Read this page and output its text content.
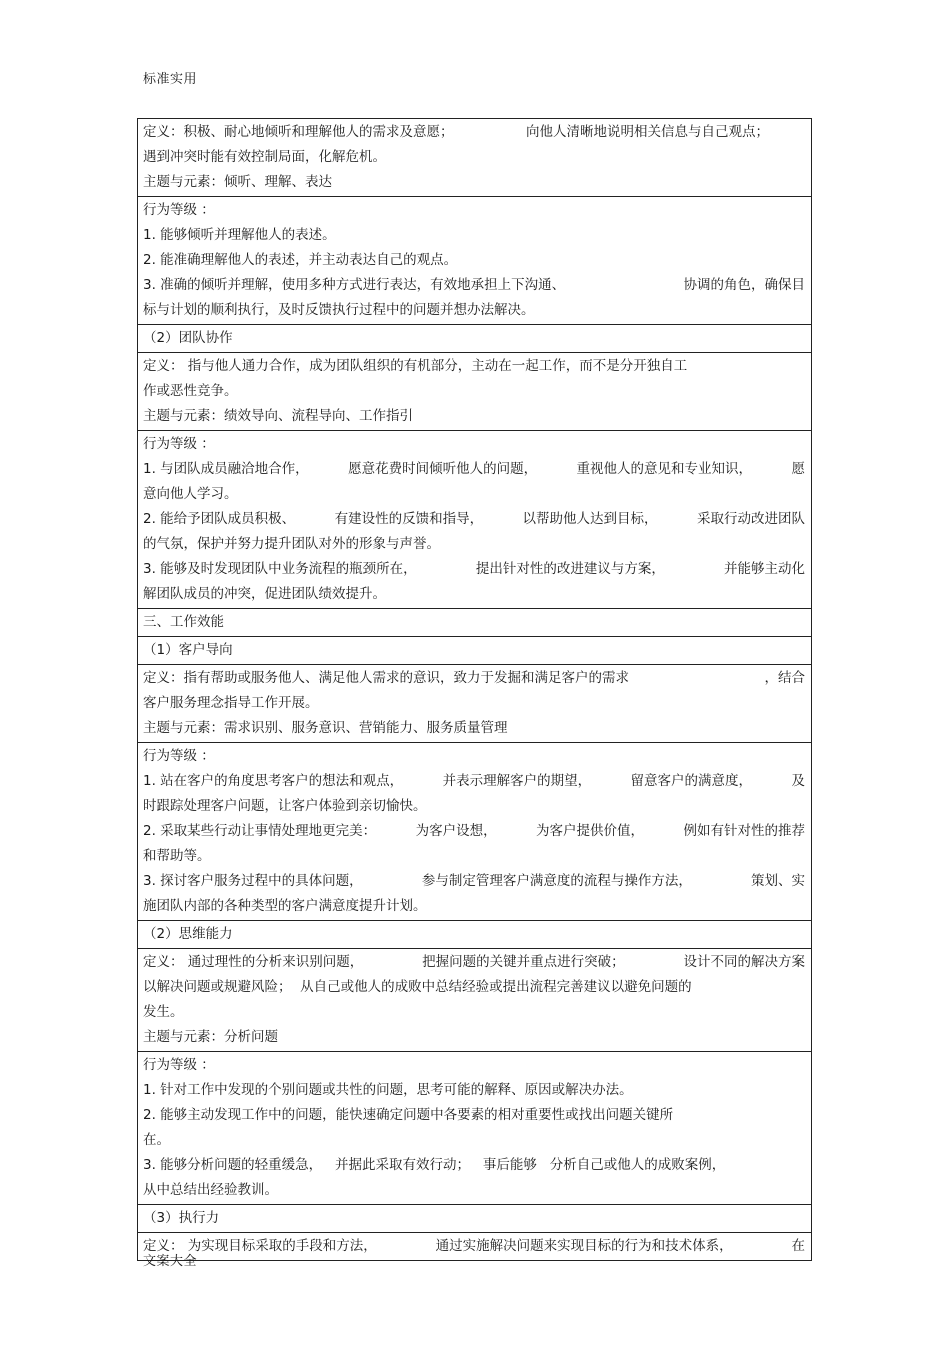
标准实用
定义：积极、耐心地倾听和理解他人的需求及意愿；	向他人清晰地说明相关信息与自己观点；
遇到冲突时能有效控制局面，化解危机。
主题与元素：倾听、理解、表达

行为等级 ：
1. 能够倾听并理解他人的表述。
2. 能准确理解他人的表述，并主动表达自己的观点。
3. 准确的倾听并理解，使用多种方式进行表达，有效地承担上下沟通、	协调的角色，确保目
标与计划的顺利执行，及时反馈执行过程中的问题并想办法解决。

（2）团队协作

定义： 指与他人通力合作，成为团队组织的有机部分，主动在一起工作，而不是分开独自工
作或恶性竞争。
主题与元素：绩效导向、流程导向、工作指引

行为等级 ：
1. 与团队成员融洽地合作，	愿意花费时间倾听他人的问题，	重视他人的意见和专业知识，	愿
意向他人学习。
2. 能给予团队成员积极、	有建设性的反馈和指导，	以帮助他人达到目标，	采取行动改进团队
的气氛，保护并努力提升团队对外的形象与声誉。
3. 能够及时发现团队中业务流程的瓶颈所在，	提出针对性的改进建议与方案，	并能够主动化
解团队成员的冲突，促进团队绩效提升。

三、工作效能
（1）客户导向

定义：指有帮助或服务他人、满足他人需求的意识，致力于发掘和满足客户的需求	，结合
客户服务理念指导工作开展。
主题与元素：需求识别、服务意识、营销能力、服务质量管理

行为等级 ：
1. 站在客户的角度思考客户的想法和观点，	并表示理解客户的期望，	留意客户的满意度，	及
时跟踪处理客户问题，让客户体验到亲切愉快。
2. 采取某些行动让事情处理地更完美：	为客户设想，	为客户提供价值，	例如有针对性的推荐
和帮助等。
3. 探讨客户服务过程中的具体问题，	参与制定管理客户满意度的流程与操作方法，	策划、实
施团队内部的各种类型的客户满意度提升计划。

（2）思维能力

定义： 通过理性的分析来识别问题，	把握问题的关键并重点进行突破；	设计不同的解决方案
以解决问题或规避风险；  从自己或他人的成败中总结经验或提出流程完善建议以避免问题的
发生。
主题与元素：分析问题

行为等级 ：
1. 针对工作中发现的个别问题或共性的问题，思考可能的解释、原因或解决办法。
2. 能够主动发现工作中的问题，能快速确定问题中各要素的相对重要性或找出问题关键所
在。
3. 能够分析问题的轻重缓急，   并据此采取有效行动；   事后能够   分析自己或他人的成败案例，
从中总结出经验教训。

（3）执行力

定义： 为实现目标采取的手段和方法，	通过实施解决问题来实现目标的行为和技术体系，	在
文案大全
